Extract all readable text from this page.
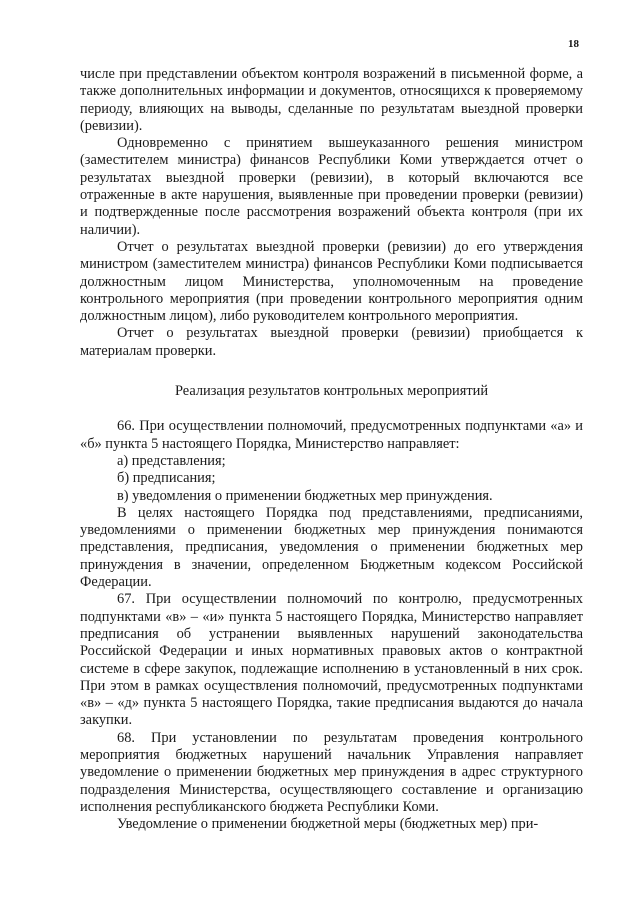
18

числе при представлении объектом контроля возражений в письменной форме, а также дополнительных информации и документов, относящихся к проверяемому периоду, влияющих на выводы, сделанные по результатам выездной проверки (ревизии).

Одновременно с принятием вышеуказанного решения министром (заместителем министра) финансов Республики Коми утверждается отчет о результатах выездной проверки (ревизии), в который включаются все отраженные в акте нарушения, выявленные при проведении проверки (ревизии) и подтвержденные после рассмотрения возражений объекта контроля (при их наличии).

Отчет о результатах выездной проверки (ревизии) до его утверждения министром (заместителем министра) финансов Республики Коми подписывается должностным лицом Министерства, уполномоченным на проведение контрольного мероприятия (при проведении контрольного мероприятия одним должностным лицом), либо руководителем контрольного мероприятия.

Отчет о результатах выездной проверки (ревизии) приобщается к материалам проверки.

Реализация результатов контрольных мероприятий

66. При осуществлении полномочий, предусмотренных подпунктами «а» и «б» пункта 5 настоящего Порядка, Министерство направляет:

а) представления;

б) предписания;

в) уведомления о применении бюджетных мер принуждения.

В целях настоящего Порядка под представлениями, предписаниями, уведомлениями о применении бюджетных мер принуждения понимаются представления, предписания, уведомления о применении бюджетных мер принуждения в значении, определенном Бюджетным кодексом Российской Федерации.

67. При осуществлении полномочий по контролю, предусмотренных подпунктами «в» – «и» пункта 5 настоящего Порядка, Министерство направляет предписания об устранении выявленных нарушений законодательства Российской Федерации и иных нормативных правовых актов о контрактной системе в сфере закупок, подлежащие исполнению в установленный в них срок. При этом в рамках осуществления полномочий, предусмотренных подпунктами «в» – «д» пункта 5 настоящего Порядка, такие предписания выдаются до начала закупки.

68. При установлении по результатам проведения контрольного мероприятия бюджетных нарушений начальник Управления направляет уведомление о применении бюджетных мер принуждения в адрес структурного подразделения Министерства, осуществляющего составление и организацию исполнения республиканского бюджета Республики Коми.

Уведомление о применении бюджетной меры (бюджетных мер) при-
